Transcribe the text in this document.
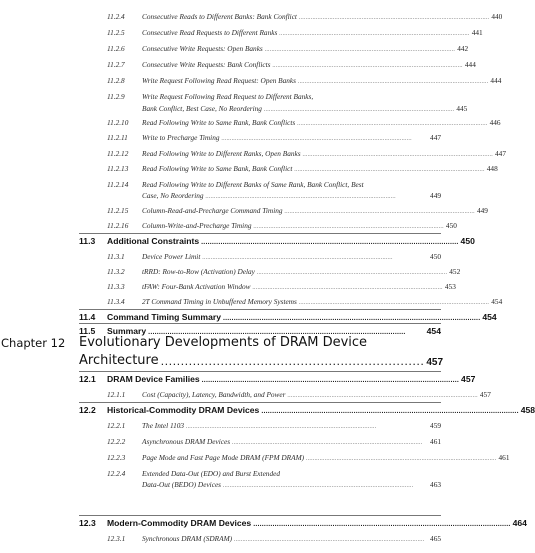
11.2.4	Consecutive Reads to Different Banks: Bank Conflict ................................................................................................................ 440
11.2.5	Consecutive Read Requests to Different Ranks ................................................................................................................ 441
11.2.6	Consecutive Write Requests: Open Banks ................................................................................................................ 442
11.2.7	Consecutive Write Requests: Bank Conflicts ................................................................................................................ 444
11.2.8	Write Request Following Read Request: Open Banks ................................................................................................................ 444
11.2.9	Write Request Following Read Request to Different Banks,
Bank Conflict, Best Case, No Reordering ................................................................................................................ 445
11.2.10	Read Following Write to Same Rank, Bank Conflicts ................................................................................................................ 446
11.2.11	Write to Precharge Timing ................................................................................................................	447
11.2.12	Read Following Write to Different Ranks, Open Banks ................................................................................................................ 447
11.2.13	Read Following Write to Same Bank, Bank Conflict ................................................................................................................ 448
11.2.14	Read Following Write to Different Banks of Same Rank, Bank Conflict, Best
Case, No Reordering ................................................................................................................	449
11.2.15	Column-Read-and-Precharge Command Timing ................................................................................................................ 449
11.2.16	Column-Write-and-Precharge Timing ................................................................................................................ 450
11.3	Additional Constraints ........................................................................................................................ 450
11.3.1	Device Power Limit ................................................................................................................	450
11.3.2	tRRD: Row-to-Row (Activation) Delay ................................................................................................................ 452
11.3.3	tFAW: Four-Bank Activation Window ................................................................................................................ 453
11.3.4	2T Command Timing in Unbuffered Memory Systems ................................................................................................................ 454
11.4	Command Timing Summary ........................................................................................................................ 454
11.5	Summary ........................................................................................................................	454
Chapter 12 Evolutionary Developments of DRAM Device
Architecture .................................................................. 457
12.1	DRAM Device Families ........................................................................................................................ 457
12.1.1	Cost (Capacity), Latency, Bandwidth, and Power ................................................................................................................ 457
12.2	Historical-Commodity DRAM Devices ........................................................................................................................ 458
12.2.1	The Intel 1103 ................................................................................................................	459
12.2.2	Asynchronous DRAM Devices ................................................................................................................	461
12.2.3	Page Mode and Fast Page Mode DRAM (FPM DRAM) ................................................................................................................ 461
12.2.4	Extended Data-Out (EDO) and Burst Extended
Data-Out (BEDO) Devices ................................................................................................................	463
12.3	Modern-Commodity DRAM Devices ........................................................................................................................ 464
12.3.1	Synchronous DRAM (SDRAM) ................................................................................................................ 465
